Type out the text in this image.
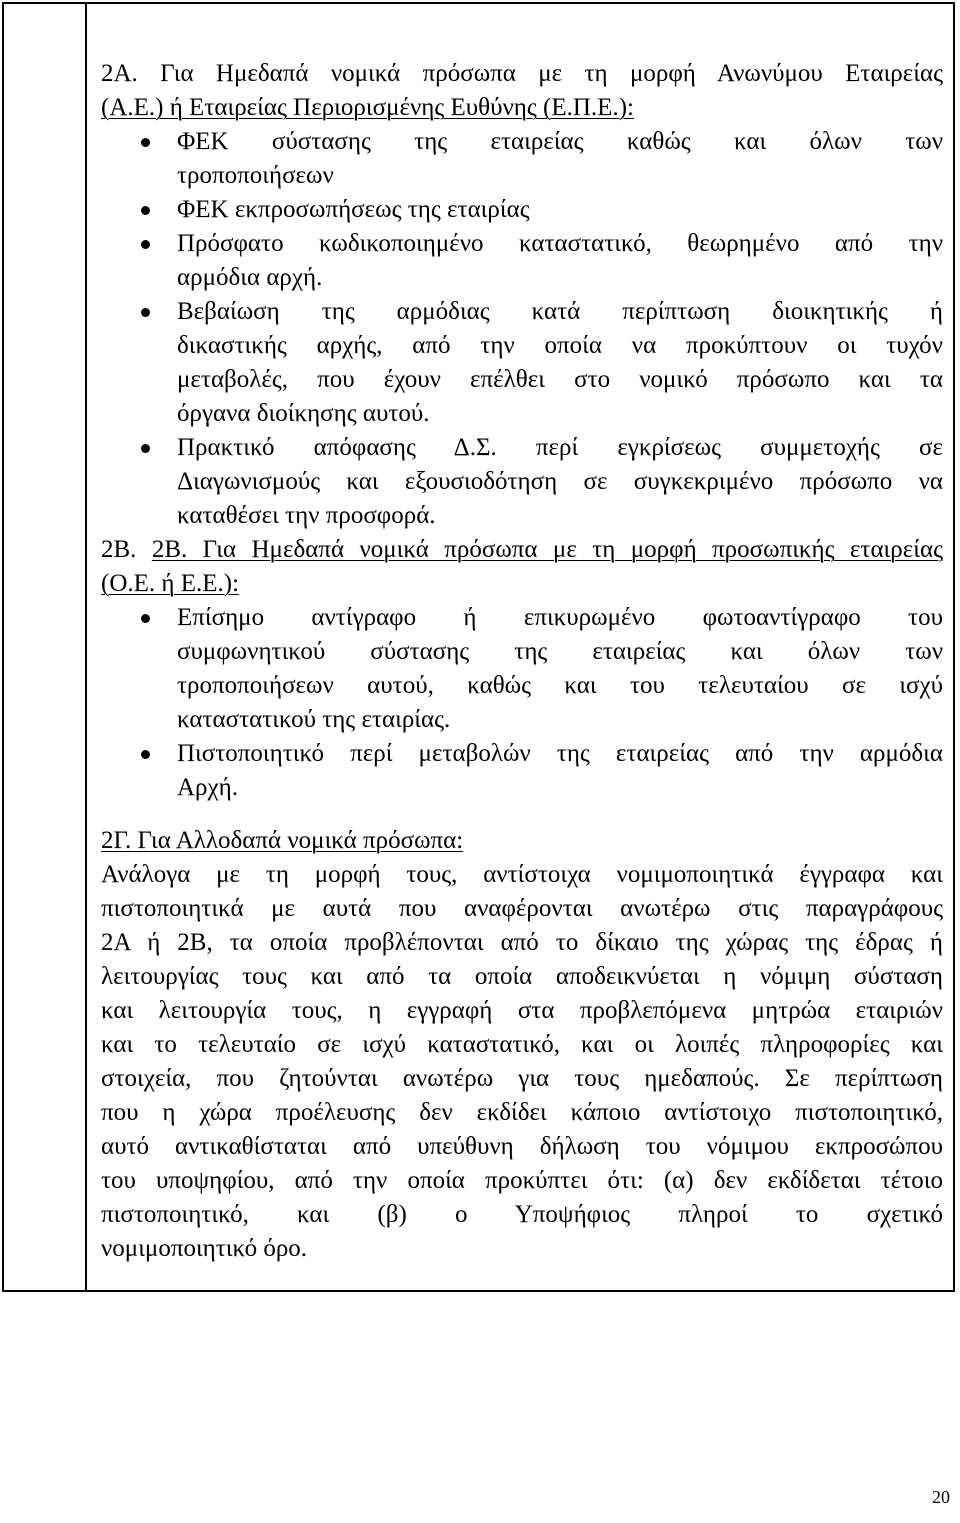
2Α. Για Ημεδαπά νομικά πρόσωπα με τη μορφή Ανωνύμου Εταιρείας
(Α.Ε.) ή Εταιρείας Περιορισμένης Ευθύνης (Ε.Π.Ε.):
ΦΕΚ σύστασης της εταιρείας καθώς και όλων των
τροποποιήσεων
ΦΕΚ εκπροσωπήσεως της εταιρίας
Πρόσφατο κωδικοποιημένο καταστατικό, θεωρημένο από την
αρμόδια αρχή.
Βεβαίωση της αρμόδιας κατά περίπτωση διοικητικής ή
δικαστικής αρχής, από την οποία να προκύπτουν οι τυχόν
μεταβολές, που έχουν επέλθει στο νομικό πρόσωπο και τα
όργανα διοίκησης αυτού.
Πρακτικό απόφασης Δ.Σ. περί εγκρίσεως συμμετοχής σε
Διαγωνισμούς και εξουσιοδότηση σε συγκεκριμένο πρόσωπο να
καταθέσει την προσφορά.
2Β. 2Β. Για Ημεδαπά νομικά πρόσωπα με τη μορφή προσωπικής εταιρείας
(Ο.Ε. ή Ε.Ε.):
Επίσημο αντίγραφο ή επικυρωμένο φωτοαντίγραφο του
συμφωνητικού σύστασης της εταιρείας και όλων των
τροποποιήσεων αυτού, καθώς και του τελευταίου σε ισχύ
καταστατικού της εταιρίας.
Πιστοποιητικό περί μεταβολών της εταιρείας από την αρμόδια
Αρχή.
2Γ. Για Αλλοδαπά νομικά πρόσωπα:
Ανάλογα με τη μορφή τους, αντίστοιχα νομιμοποιητικά έγγραφα και
πιστοποιητικά με αυτά που αναφέρονται ανωτέρω στις παραγράφους
2Α ή 2Β, τα οποία προβλέπονται από το δίκαιο της χώρας της έδρας ή
λειτουργίας τους και από τα οποία αποδεικνύεται η νόμιμη σύσταση
και λειτουργία τους, η εγγραφή στα προβλεπόμενα μητρώα εταιριών
και το τελευταίο σε ισχύ καταστατικό, και οι λοιπές πληροφορίες και
στοιχεία, που ζητούνται ανωτέρω για τους ημεδαπούς. Σε περίπτωση
που η χώρα προέλευσης δεν εκδίδει κάποιο αντίστοιχο πιστοποιητικό,
αυτό αντικαθίσταται από υπεύθυνη δήλωση του νόμιμου εκπροσώπου
του υποψηφίου, από την οποία προκύπτει ότι: (α) δεν εκδίδεται τέτοιο
πιστοποιητικό, και (β) ο Υποψήφιος πληροί το σχετικό
νομιμοποιητικό όρο.
20
